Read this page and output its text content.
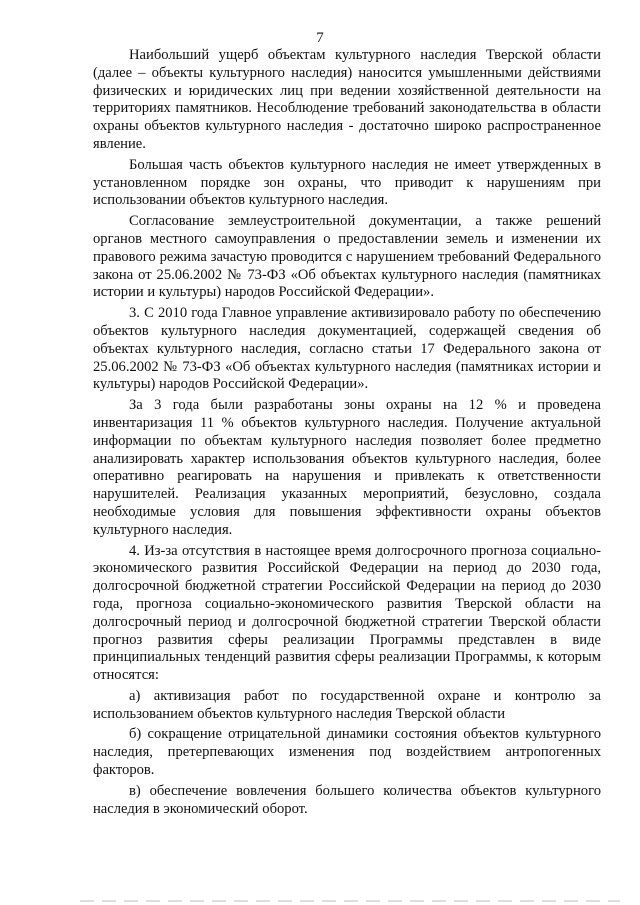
7

Наибольший ущерб объектам культурного наследия Тверской области (далее – объекты культурного наследия) наносится умышленными действиями физических и юридических лиц при ведении хозяйственной деятельности на территориях памятников. Несоблюдение требований законодательства в области охраны объектов культурного наследия - достаточно широко распространенное явление.

Большая часть объектов культурного наследия не имеет утвержденных в установленном порядке зон охраны, что приводит к нарушениям при использовании объектов культурного наследия.

Согласование землеустроительной документации, а также решений органов местного самоуправления о предоставлении земель и изменении их правового режима зачастую проводится с нарушением требований Федерального закона от 25.06.2002 № 73-ФЗ «Об объектах культурного наследия (памятниках истории и культуры) народов Российской Федерации».

3. С 2010 года Главное управление активизировало работу по обеспечению объектов культурного наследия документацией, содержащей сведения об объектах культурного наследия, согласно статьи 17 Федерального закона от 25.06.2002 № 73-ФЗ «Об объектах культурного наследия (памятниках истории и культуры) народов Российской Федерации».

За 3 года были разработаны зоны охраны на 12 % и проведена инвентаризация 11 % объектов культурного наследия. Получение актуальной информации по объектам культурного наследия позволяет более предметно анализировать характер использования объектов культурного наследия, более оперативно реагировать на нарушения и привлекать к ответственности нарушителей. Реализация указанных мероприятий, безусловно, создала необходимые условия для повышения эффективности охраны объектов культурного наследия.

4. Из-за отсутствия в настоящее время долгосрочного прогноза социально-экономического развития Российской Федерации на период до 2030 года, долгосрочной бюджетной стратегии Российской Федерации на период до 2030 года, прогноза социально-экономического развития Тверской области на долгосрочный период и долгосрочной бюджетной стратегии Тверской области прогноз развития сферы реализации Программы представлен в виде принципиальных тенденций развития сферы реализации Программы, к которым относятся:

а) активизация работ по государственной охране и контролю за использованием объектов культурного наследия Тверской области

б) сокращение отрицательной динамики состояния объектов культурного наследия, претерпевающих изменения под воздействием антропогенных факторов.

в) обеспечение вовлечения большего количества объектов культурного наследия в экономический оборот.
